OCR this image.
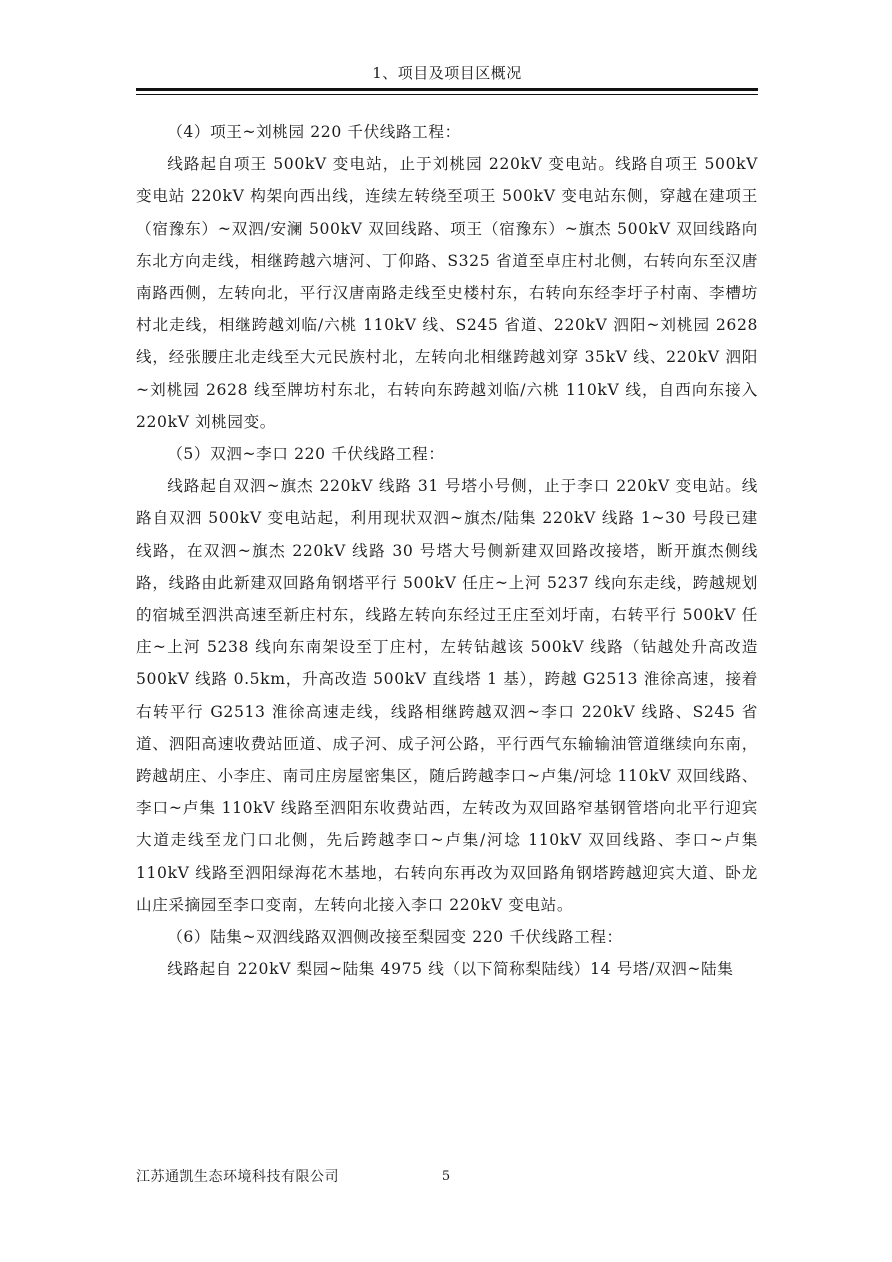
1、项目及项目区概况

（4）项王~刘桃园 220 千伏线路工程：

线路起自项王 500kV 变电站，止于刘桃园 220kV 变电站。线路自项王 500kV 变电站 220kV 构架向西出线，连续左转绕至项王 500kV 变电站东侧，穿越在建项王（宿豫东）~双泗/安澜 500kV 双回线路、项王（宿豫东）~旗杰 500kV 双回线路向东北方向走线，相继跨越六塘河、丁仰路、S325 省道至卓庄村北侧，右转向东至汉唐南路西侧，左转向北，平行汉唐南路走线至史楼村东，右转向东经李圩子村南、李槽坊村北走线，相继跨越刘临/六桃 110kV 线、S245 省道、220kV 泗阳~刘桃园 2628 线，经张腰庄北走线至大元民族村北，左转向北相继跨越刘穿 35kV 线、220kV 泗阳~刘桃园 2628 线至牌坊村东北，右转向东跨越刘临/六桃 110kV 线，自西向东接入 220kV 刘桃园变。

（5）双泗~李口 220 千伏线路工程：

线路起自双泗~旗杰 220kV 线路 31 号塔小号侧，止于李口 220kV 变电站。线路自双泗 500kV 变电站起，利用现状双泗~旗杰/陆集 220kV 线路 1~30 号段已建线路，在双泗~旗杰 220kV 线路 30 号塔大号侧新建双回路改接塔，断开旗杰侧线路，线路由此新建双回路角钢塔平行 500kV 任庄~上河 5237 线向东走线，跨越规划的宿城至泗洪高速至新庄村东，线路左转向东经过王庄至刘圩南，右转平行 500kV 任庄~上河 5238 线向东南架设至丁庄村，左转钻越该 500kV 线路（钻越处升高改造 500kV 线路 0.5km，升高改造 500kV 直线塔 1 基），跨越 G2513 淮徐高速，接着右转平行 G2513 淮徐高速走线，线路相继跨越双泗~李口 220kV 线路、S245 省道、泗阳高速收费站匝道、成子河、成子河公路，平行西气东输输油管道继续向东南，跨越胡庄、小李庄、南司庄房屋密集区，随后跨越李口~卢集/河埝 110kV 双回线路、李口~卢集 110kV 线路至泗阳东收费站西，左转改为双回路窄基钢管塔向北平行迎宾大道走线至龙门口北侧，先后跨越李口~卢集/河埝 110kV 双回线路、李口~卢集 110kV 线路至泗阳绿海花木基地，右转向东再改为双回路角钢塔跨越迎宾大道、卧龙山庄采摘园至李口变南，左转向北接入李口 220kV 变电站。

（6）陆集~双泗线路双泗侧改接至梨园变 220 千伏线路工程：

线路起自 220kV 梨园~陆集 4975 线（以下简称梨陆线）14 号塔/双泗~陆集

江苏通凯生态环境科技有限公司	5
